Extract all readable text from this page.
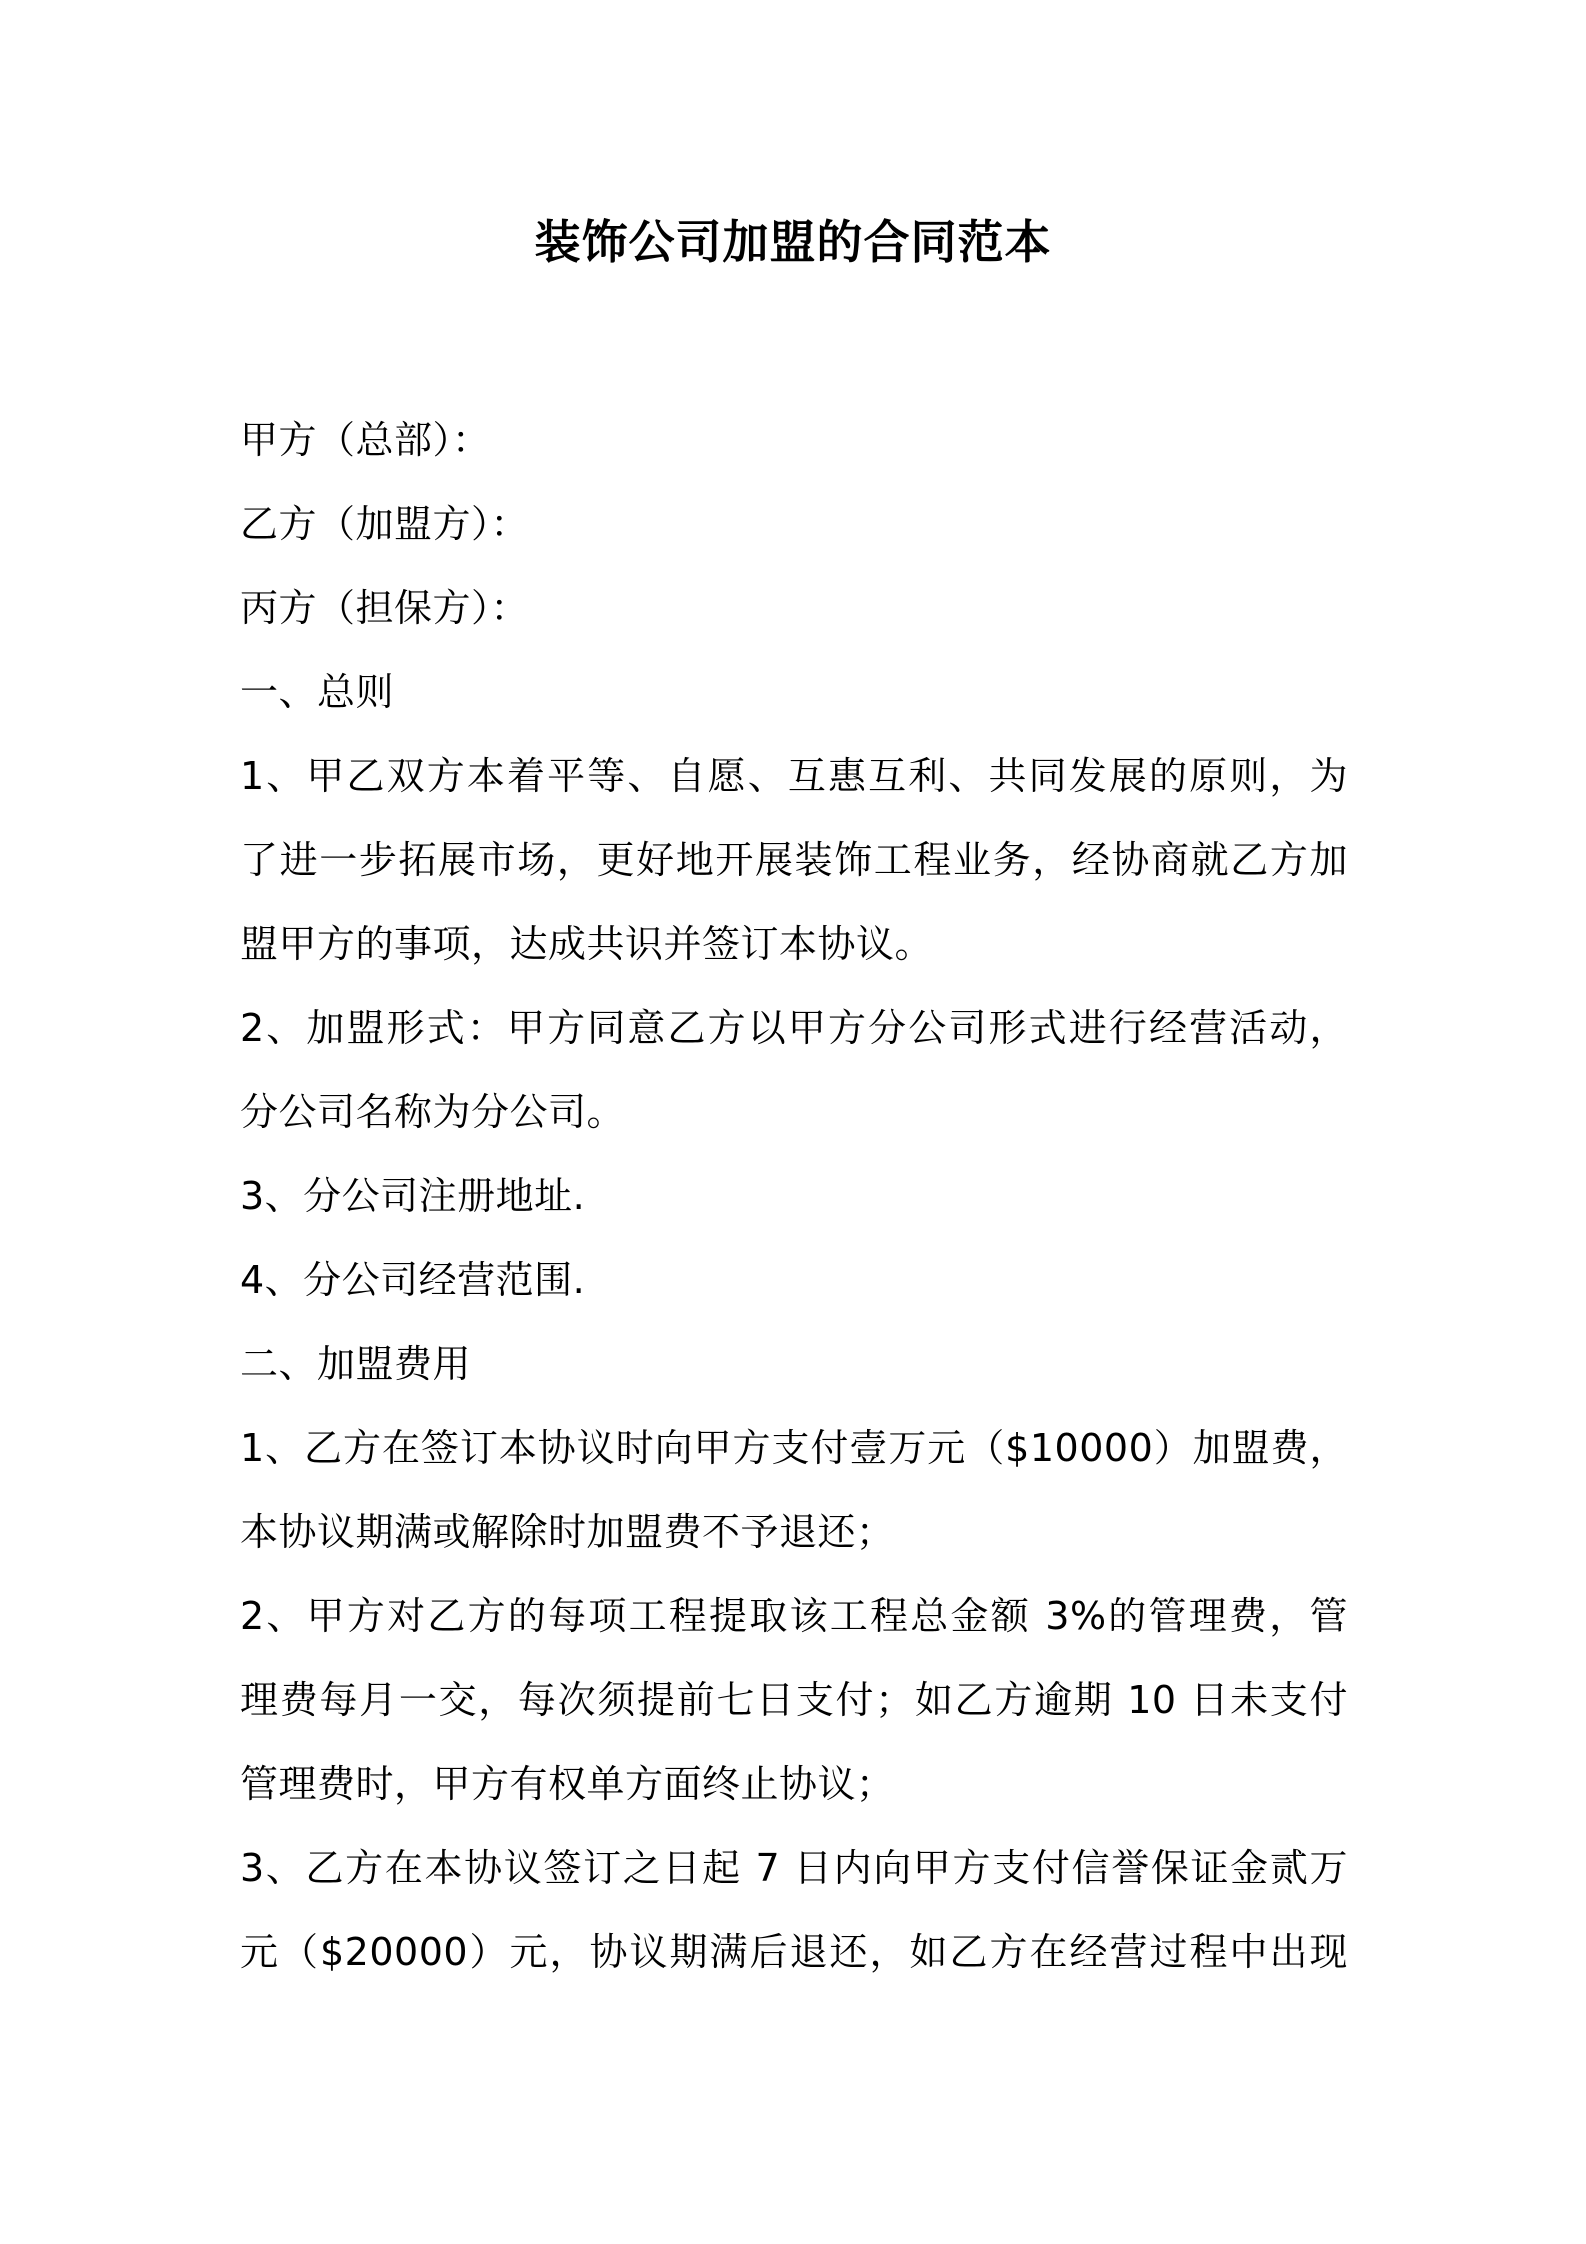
装饰公司加盟的合同范本
甲方（总部）：
乙方（加盟方）：
丙方（担保方）：
一、总则
1、甲乙双方本着平等、自愿、互惠互利、共同发展的原则，为
了进一步拓展市场，更好地开展装饰工程业务，经协商就乙方加
盟甲方的事项，达成共识并签订本协议。
2、加盟形式：甲方同意乙方以甲方分公司形式进行经营活动，
分公司名称为分公司。
3、分公司注册地址.
4、分公司经营范围.
二、加盟费用
1、乙方在签订本协议时向甲方支付壹万元（$10000）加盟费，
本协议期满或解除时加盟费不予退还；
2、甲方对乙方的每项工程提取该工程总金额 3%的管理费，管
理费每月一交，每次须提前七日支付；如乙方逾期 10 日未支付
管理费时，甲方有权单方面终止协议；
3、乙方在本协议签订之日起 7 日内向甲方支付信誉保证金贰万
元（$20000）元，协议期满后退还，如乙方在经营过程中出现
